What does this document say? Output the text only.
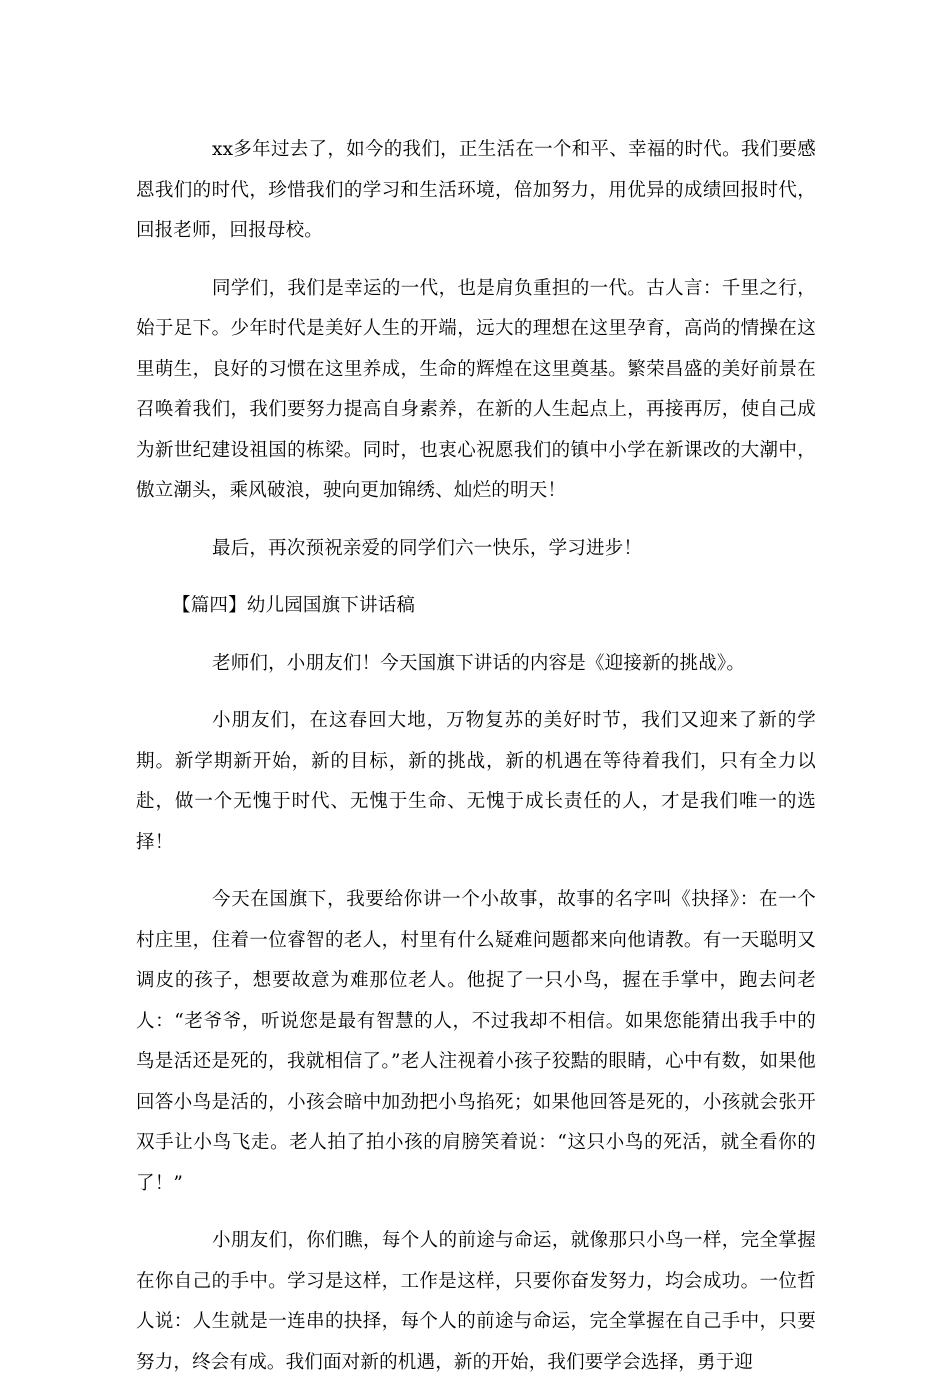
xx多年过去了，如今的我们，正生活在一个和平、幸福的时代。我们要感恩我们的时代，珍惜我们的学习和生活环境，倍加努力，用优异的成绩回报时代，回报老师，回报母校。

同学们，我们是幸运的一代，也是肩负重担的一代。古人言：千里之行，始于足下。少年时代是美好人生的开端，远大的理想在这里孕育，高尚的情操在这里萌生，良好的习惯在这里养成，生命的辉煌在这里奠基。繁荣昌盛的美好前景在召唤着我们，我们要努力提高自身素养，在新的人生起点上，再接再厉，使自己成为新世纪建设祖国的栋梁。同时，也衷心祝愿我们的镇中小学在新课改的大潮中，傲立潮头，乘风破浪，驶向更加锦绣、灿烂的明天！

最后，再次预祝亲爱的同学们六一快乐，学习进步！

【篇四】幼儿园国旗下讲话稿

老师们，小朋友们！今天国旗下讲话的内容是《迎接新的挑战》。

小朋友们，在这春回大地，万物复苏的美好时节，我们又迎来了新的学期。新学期新开始，新的目标，新的挑战，新的机遇在等待着我们，只有全力以赴，做一个无愧于时代、无愧于生命、无愧于成长责任的人，才是我们唯一的选择！

今天在国旗下，我要给你讲一个小故事，故事的名字叫《抉择》：在一个村庄里，住着一位睿智的老人，村里有什么疑难问题都来向他请教。有一天聪明又调皮的孩子，想要故意为难那位老人。他捉了一只小鸟，握在手掌中，跑去问老人：“老爷爷，听说您是最有智慧的人，不过我却不相信。如果您能猜出我手中的鸟是活还是死的，我就相信了。”老人注视着小孩子狡黠的眼睛，心中有数，如果他回答小鸟是活的，小孩会暗中加劲把小鸟掐死；如果他回答是死的，小孩就会张开双手让小鸟飞走。老人拍了拍小孩的肩膀笑着说：“这只小鸟的死活，就全看你的了！”

小朋友们，你们瞧，每个人的前途与命运，就像那只小鸟一样，完全掌握在你自己的手中。学习是这样，工作是这样，只要你奋发努力，均会成功。一位哲人说：人生就是一连串的抉择，每个人的前途与命运，完全掌握在自己手中，只要努力，终会有成。我们面对新的机遇，新的开始，我们要学会选择，勇于迎
